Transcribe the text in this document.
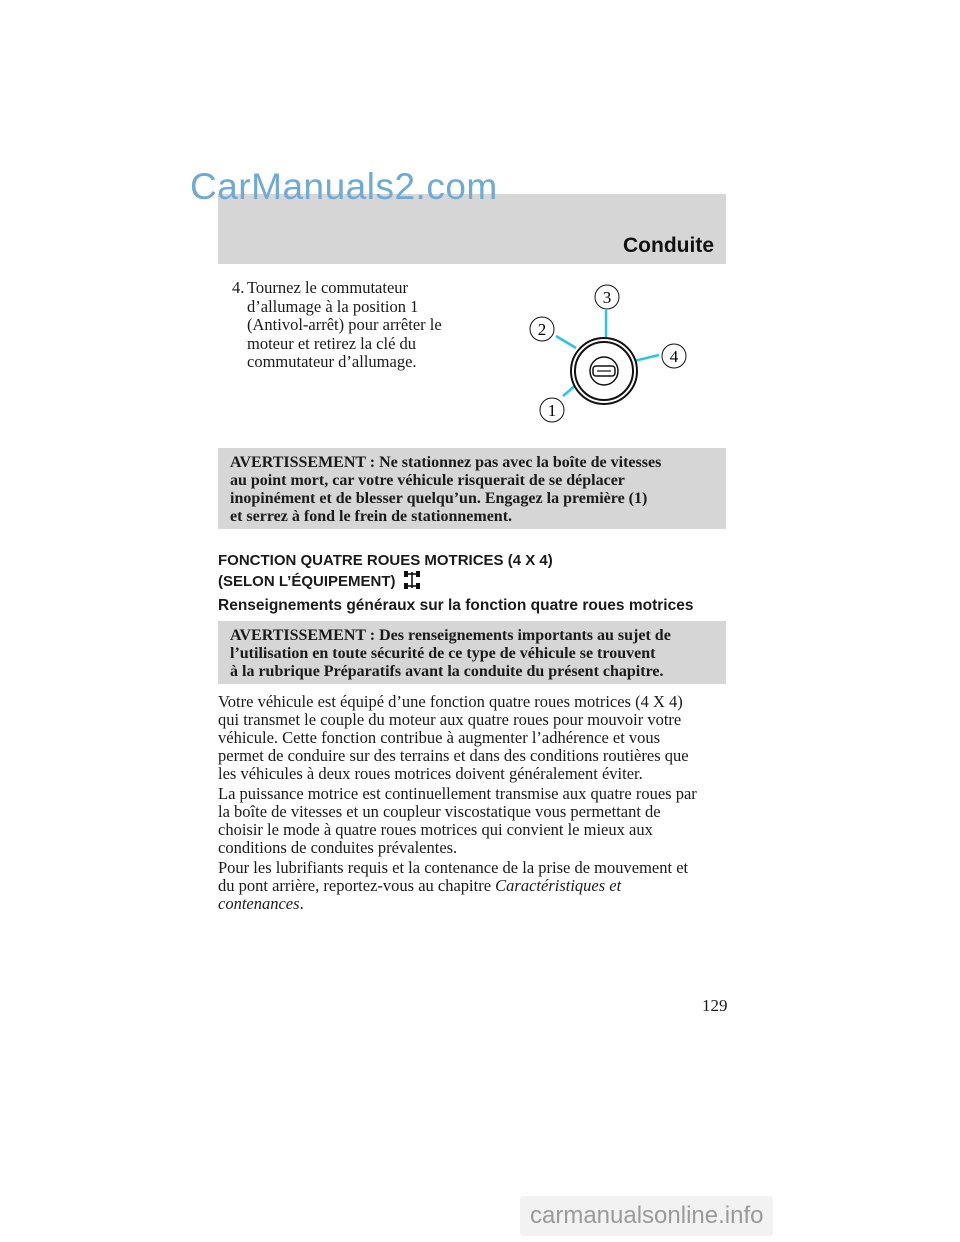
CarManuals2.com
Conduite
4. Tournez le commutateur
d’allumage à la position 1
(Antivol-arrêt) pour arrêter le
moteur et retirez la clé du
commutateur d’allumage.
1
2
3
4
AVERTISSEMENT : Ne stationnez pas avec la boîte de vitesses
au point mort, car votre véhicule risquerait de se déplacer
inopinément et de blesser quelqu’un. Engagez la première (1)
et serrez à fond le frein de stationnement.
FONCTION QUATRE ROUES MOTRICES (4 X 4)
(SELON L’ÉQUIPEMENT)
Renseignements généraux sur la fonction quatre roues motrices
AVERTISSEMENT : Des renseignements importants au sujet de
l’utilisation en toute sécurité de ce type de véhicule se trouvent
à la rubrique Préparatifs avant la conduite du présent chapitre.
Votre véhicule est équipé d’une fonction quatre roues motrices (4 X 4)
qui transmet le couple du moteur aux quatre roues pour mouvoir votre
véhicule. Cette fonction contribue à augmenter l’adhérence et vous
permet de conduire sur des terrains et dans des conditions routières que
les véhicules à deux roues motrices doivent généralement éviter.
La puissance motrice est continuellement transmise aux quatre roues par
la boîte de vitesses et un coupleur viscostatique vous permettant de
choisir le mode à quatre roues motrices qui convient le mieux aux
conditions de conduites prévalentes.
Pour les lubrifiants requis et la contenance de la prise de mouvement et
du pont arrière, reportez-vous au chapitre Caractéristiques et
contenances.
129
carmanualsonline.info
